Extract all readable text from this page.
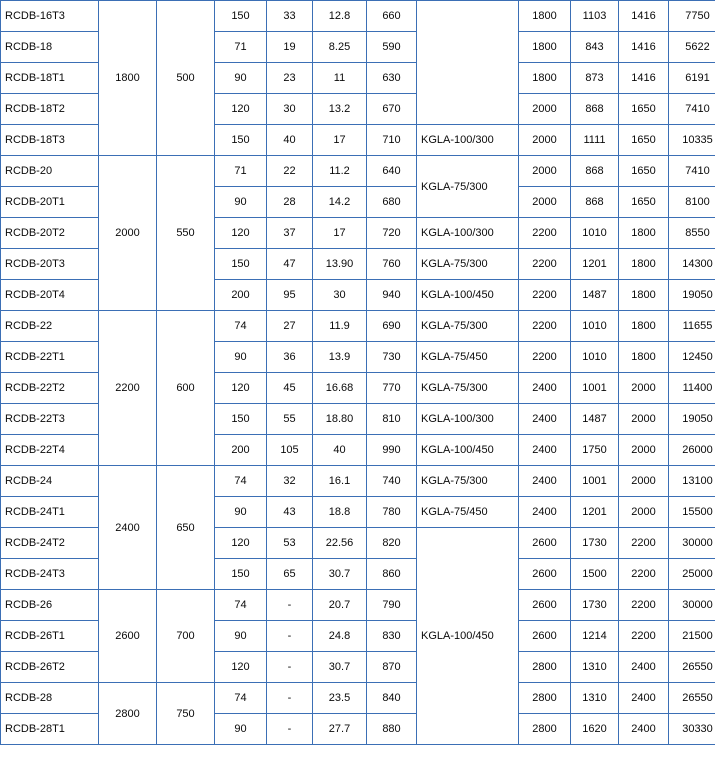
RCDB-16T3	1800	500	150	33	12.8	660		1800	1103	1416	7750
RCDB-18			71	19	8.25	590		1800	843	1416	5622
RCDB-18T1			90	23	11	630		1800	873	1416	6191
RCDB-18T2			120	30	13.2	670		2000	868	1650	7410
RCDB-18T3			150	40	17	710	KGLA-100/300	2000	1111	1650	10335
RCDB-20	2000	550	71	22	11.2	640	KGLA-75/300	2000	868	1650	7410
RCDB-20T1			90	28	14.2	680		2000	868	1650	8100
RCDB-20T2			120	37	17	720	KGLA-100/300	2200	1010	1800	8550
RCDB-20T3			150	47	13.90	760	KGLA-75/300	2200	1201	1800	14300
RCDB-20T4			200	95	30	940	KGLA-100/450	2200	1487	1800	19050
RCDB-22	2200	600	74	27	11.9	690	KGLA-75/300	2200	1010	1800	11655
RCDB-22T1			90	36	13.9	730	KGLA-75/450	2200	1010	1800	12450
RCDB-22T2			120	45	16.68	770	KGLA-75/300	2400	1001	2000	11400
RCDB-22T3			150	55	18.80	810	KGLA-100/300	2400	1487	2000	19050
RCDB-22T4			200	105	40	990	KGLA-100/450	2400	1750	2000	26000
RCDB-24	2400	650	74	32	16.1	740	KGLA-75/300	2400	1001	2000	13100
RCDB-24T1			90	43	18.8	780	KGLA-75/450	2400	1201	2000	15500
RCDB-24T2			120	53	22.56	820	KGLA-100/450	2600	1730	2200	30000
RCDB-24T3			150	65	30.7	860		2600	1500	2200	25000
RCDB-26	2600	700	74	-	20.7	790		2600	1730	2200	30000
RCDB-26T1			90	-	24.8	830		2600	1214	2200	21500
RCDB-26T2			120	-	30.7	870		2800	1310	2400	26550
RCDB-28	2800	750	74	-	23.5	840		2800	1310	2400	26550
RCDB-28T1			90	-	27.7	880		2800	1620	2400	30330
